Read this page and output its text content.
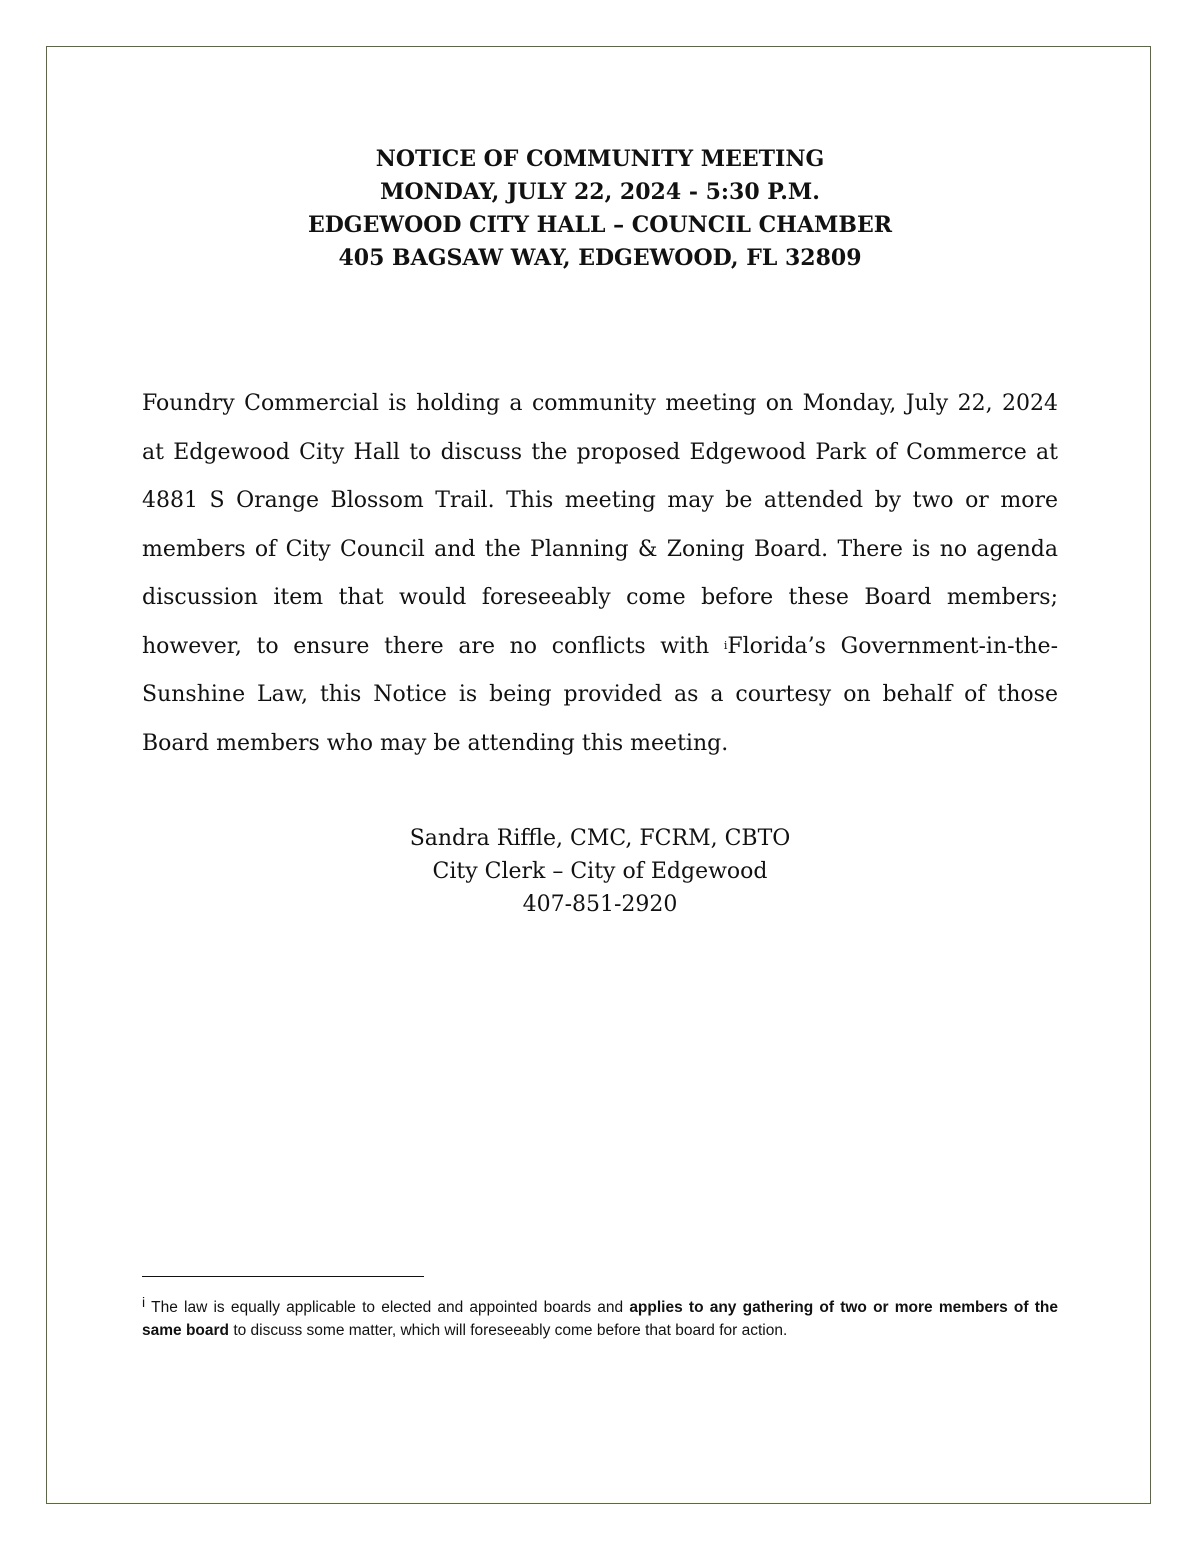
NOTICE OF COMMUNITY MEETING
MONDAY, JULY 22, 2024 - 5:30 P.M.
EDGEWOOD CITY HALL – COUNCIL CHAMBER
405 BAGSAW WAY, EDGEWOOD, FL 32809
Foundry Commercial is holding a community meeting on Monday, July 22, 2024 at Edgewood City Hall to discuss the proposed Edgewood Park of Commerce at 4881 S Orange Blossom Trail. This meeting may be attended by two or more members of City Council and the Planning & Zoning Board. There is no agenda discussion item that would foreseeably come before these Board members; however, to ensure there are no conflicts with $^i$Florida’s Government-in-the-Sunshine Law, this Notice is being provided as a courtesy on behalf of those Board members who may be attending this meeting.
Sandra Riffle, CMC, FCRM, CBTO
City Clerk – City of Edgewood
407-851-2920
i The law is equally applicable to elected and appointed boards and applies to any gathering of two or more members of the same board to discuss some matter, which will foreseeably come before that board for action.
